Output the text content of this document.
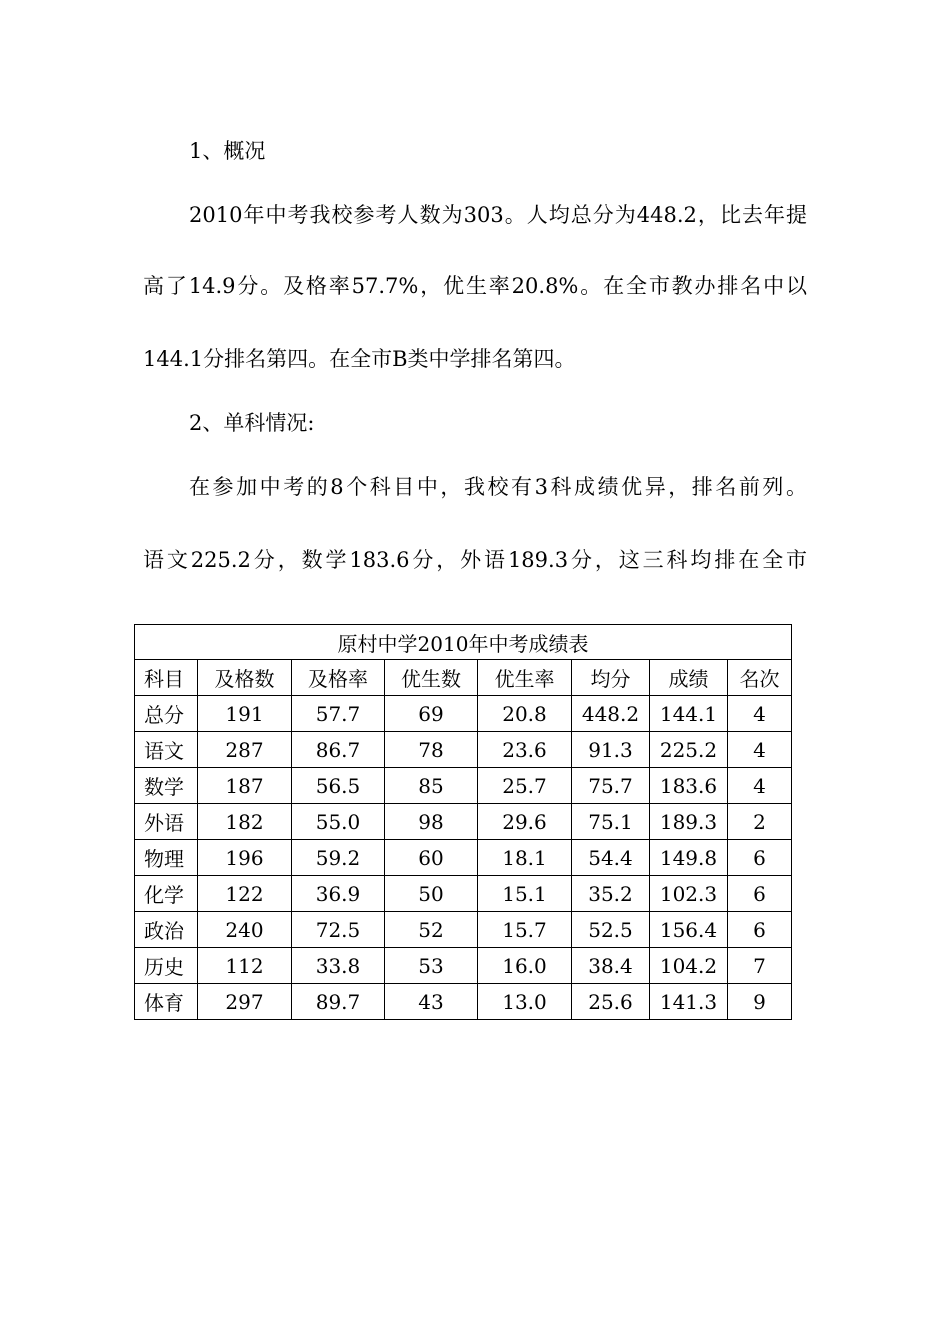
1、概况
2010年中考我校参考人数为303。人均总分为448.2，比去年提
高了14.9分。及格率57.7%，优生率20.8%。在全市教办排名中以
144.1分排名第四。在全市B类中学排名第四。
2、单科情况:
在参加中考的8个科目中，我校有3科成绩优异，排名前列。
语文225.2分，数学183.6分，外语189.3分，这三科均排在全市
原村中学2010年中考成绩表							
科目	及格数	及格率	优生数	优生率	均分	成绩	名次
总分	191	57.7	69	20.8	448.2	144.1	4
语文	287	86.7	78	23.6	91.3	225.2	4
数学	187	56.5	85	25.7	75.7	183.6	4
外语	182	55.0	98	29.6	75.1	189.3	2
物理	196	59.2	60	18.1	54.4	149.8	6
化学	122	36.9	50	15.1	35.2	102.3	6
政治	240	72.5	52	15.7	52.5	156.4	6
历史	112	33.8	53	16.0	38.4	104.2	7
体育	297	89.7	43	13.0	25.6	141.3	9
